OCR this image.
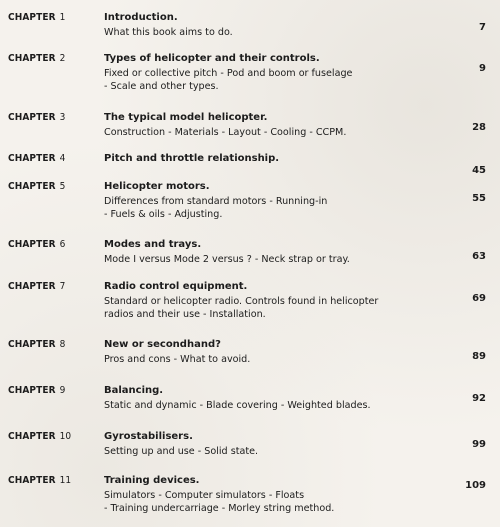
CHAPTER 1	Introduction.
What this book aims to do.	7
CHAPTER 2	Types of helicopter and their controls.
Fixed or collective pitch - Pod and boom or fuselage
- Scale and other types.
9
CHAPTER 3	The typical model helicopter.
Construction - Materials - Layout - Cooling - CCPM.	28
CHAPTER 4	Pitch and throttle relationship.
45
CHAPTER 5	Helicopter motors.
Differences from standard motors - Running-in
- Fuels & oils - Adjusting.
55
CHAPTER 6	Modes and trays.
Mode I versus Mode 2 versus ? - Neck strap or tray.	63
CHAPTER 7	Radio control equipment.
Standard or helicopter radio. Controls found in helicopter
radios and their use - Installation.
69
CHAPTER 8	New or secondhand?
Pros and cons - What to avoid.	89
CHAPTER 9	Balancing.
Static and dynamic - Blade covering - Weighted blades.
92
CHAPTER 10	Gyrostabilisers.
Setting up and use - Solid state.
99
CHAPTER 11	Training devices.
Simulators - Computer simulators - Floats
- Training undercarriage - Morley string method.
109
